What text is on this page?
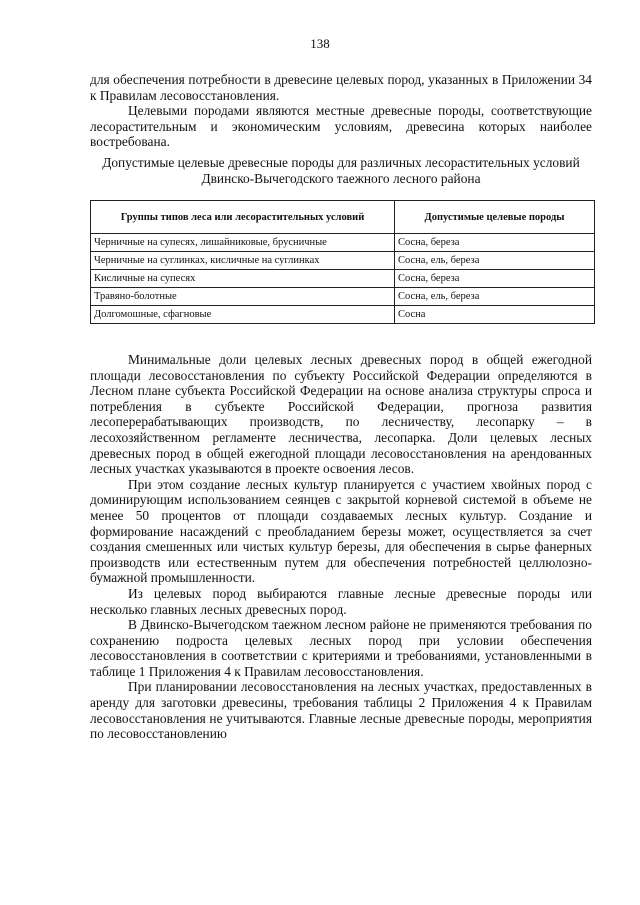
138

для обеспечения потребности в древесине целевых пород, указанных в Приложении 34 к Правилам лесовосстановления.

Целевыми породами являются местные древесные породы, соответствующие лесорастительным и экономическим условиям, древесина которых наиболее востребована.

Допустимые целевые древесные породы для различных лесорастительных условий Двинско-Вычегодского таежного лесного района
Группы типов леса или лесорастительных условий	Допустимые целевые породы
Черничные на супесях, лишайниковые, брусничные	Сосна, береза
Черничные на суглинках, кисличные на суглинках	Сосна, ель, береза
Кисличные на супесях	Сосна, береза
Травяно-болотные	Сосна, ель, береза
Долгомошные, сфагновые	Сосна

Минимальные доли целевых лесных древесных пород в общей ежегодной площади лесовосстановления по субъекту Российской Федерации определяются в Лесном плане субъекта Российской Федерации на основе анализа структуры спроса и потребления в субъекте Российской Федерации, прогноза развития лесоперерабатывающих производств, по лесничеству, лесопарку – в лесохозяйственном регламенте лесничества, лесопарка. Доли целевых лесных древесных пород в общей ежегодной площади лесовосстановления на арендованных лесных участках указываются в проекте освоения лесов.

При этом создание лесных культур планируется с участием хвойных пород с доминирующим использованием сеянцев с закрытой корневой системой в объеме не менее 50 процентов от площади создаваемых лесных культур. Создание и формирование насаждений с преобладанием березы может, осуществляется за счет создания смешенных или чистых культур березы, для обеспечения в сырье фанерных производств или естественным путем для обеспечения потребностей целлюлозно-бумажной промышленности.

Из целевых пород выбираются главные лесные древесные породы или несколько главных лесных древесных пород.

В Двинско-Вычегодском таежном лесном районе не применяются требования по сохранению подроста целевых лесных пород при условии обеспечения лесовосстановления в соответствии с критериями и требованиями, установленными в таблице 1 Приложения 4 к Правилам лесовосстановления.

При планировании лесовосстановления на лесных участках, предоставленных в аренду для заготовки древесины, требования таблицы 2 Приложения 4 к Правилам лесовосстановления не учитываются. Главные лесные древесные породы, мероприятия по лесовосстановлению
